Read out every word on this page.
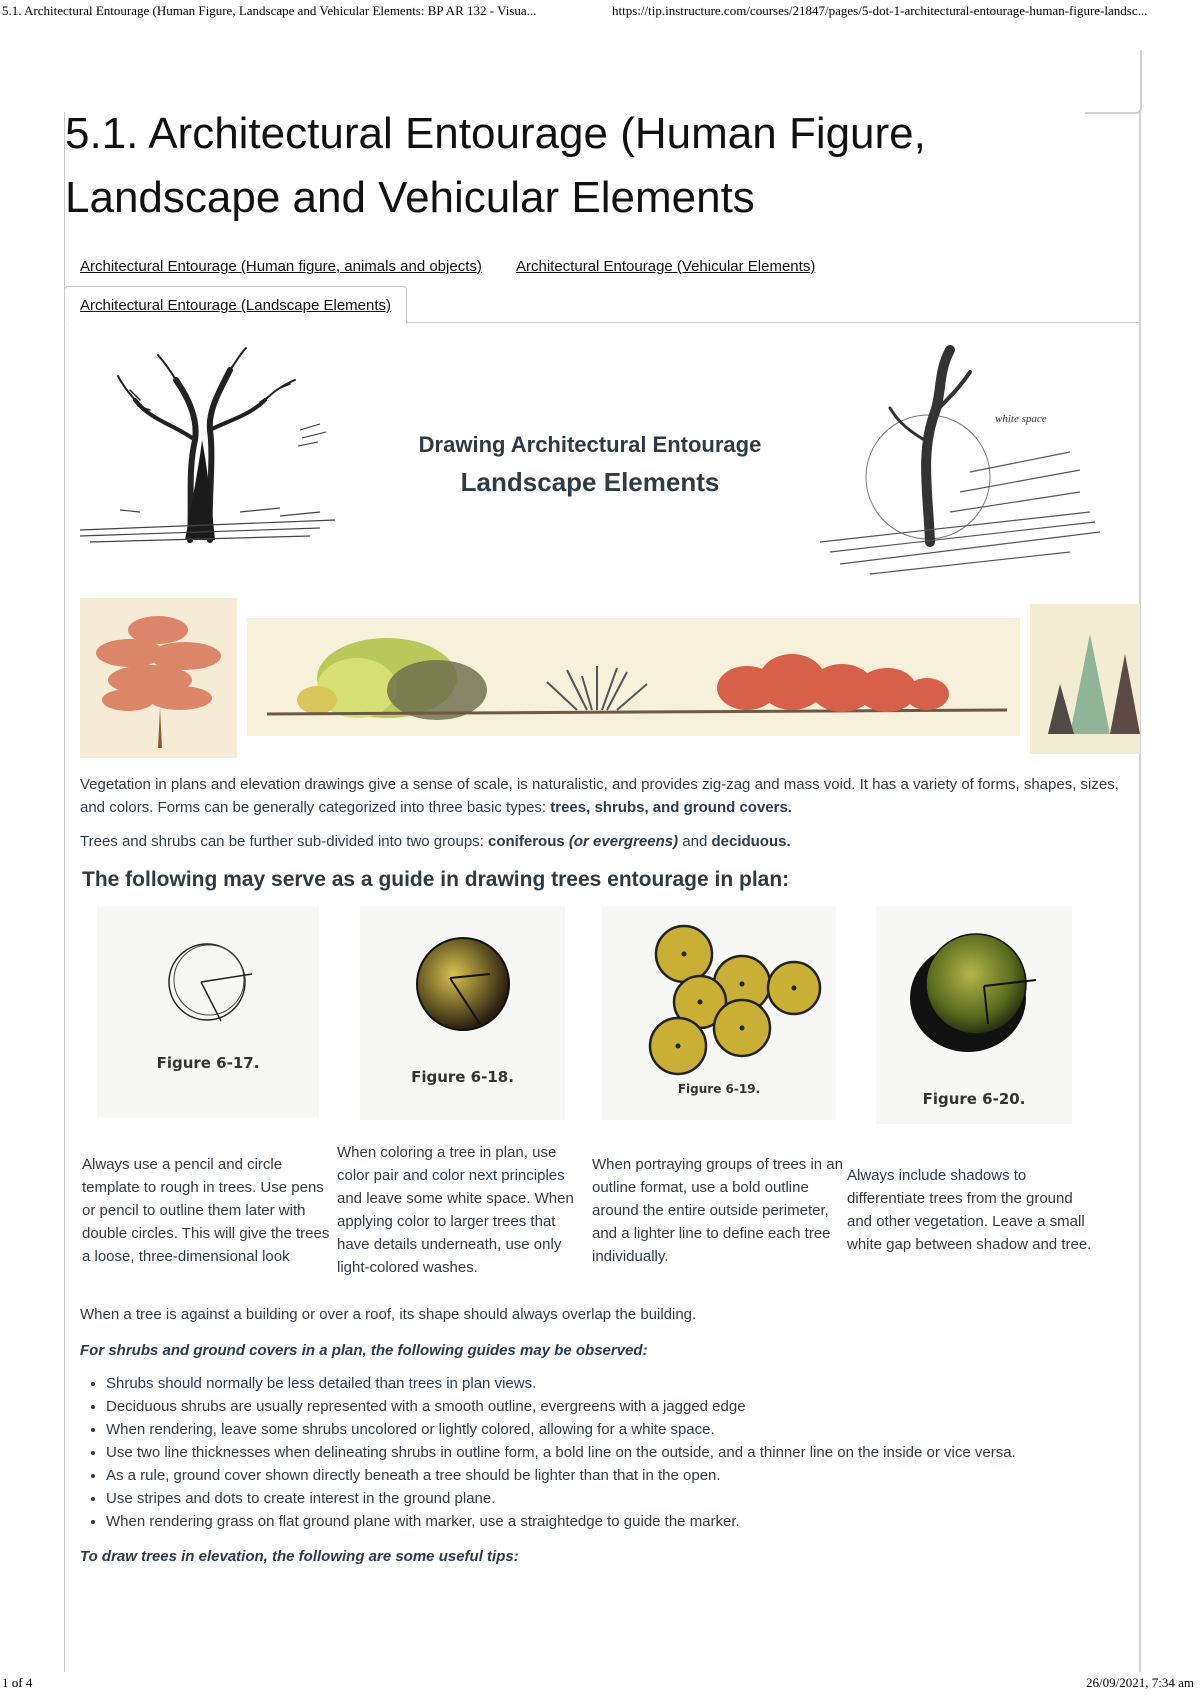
5.1. Architectural Entourage (Human Figure, Landscape and Vehicular Elements: BP AR 132 - Visua...	https://tip.instructure.com/courses/21847/pages/5-dot-1-architectural-entourage-human-figure-landsc...
5.1. Architectural Entourage (Human Figure, Landscape and Vehicular Elements
Architectural Entourage (Human figure, animals and objects) Architectural Entourage (Vehicular Elements)
Architectural Entourage (Landscape Elements)
Drawing Architectural Entourage
Landscape Elements
white space

Vegetation in plans and elevation drawings give a sense of scale, is naturalistic, and provides zig-zag and mass void. It has a variety of forms, shapes, sizes, and colors. Forms can be generally categorized into three basic types: trees, shrubs, and ground covers.

Trees and shrubs can be further sub-divided into two groups: coniferous (or evergreens) and deciduous.

The following may serve as a guide in drawing trees entourage in plan:
Figure 6-17.
Figure 6-18.
Figure 6-19.
Figure 6-20.
Always use a pencil and circle template to rough in trees. Use pens or pencil to outline them later with double circles. This will give the trees a loose, three-dimensional look
When coloring a tree in plan, use color pair and color next principles and leave some white space. When applying color to larger trees that have details underneath, use only light-colored washes.
When portraying groups of trees in an outline format, use a bold outline around the entire outside perimeter, and a lighter line to define each tree individually.
Always include shadows to differentiate trees from the ground and other vegetation. Leave a small white gap between shadow and tree.

When a tree is against a building or over a roof, its shape should always overlap the building.

For shrubs and ground covers in a plan, the following guides may be observed:

• Shrubs should normally be less detailed than trees in plan views.
• Deciduous shrubs are usually represented with a smooth outline, evergreens with a jagged edge
• When rendering, leave some shrubs uncolored or lightly colored, allowing for a white space.
• Use two line thicknesses when delineating shrubs in outline form, a bold line on the outside, and a thinner line on the inside or vice versa.
• As a rule, ground cover shown directly beneath a tree should be lighter than that in the open.
• Use stripes and dots to create interest in the ground plane.
• When rendering grass on flat ground plane with marker, use a straightedge to guide the marker.

To draw trees in elevation, the following are some useful tips:

1 of 4	26/09/2021, 7:34 am
